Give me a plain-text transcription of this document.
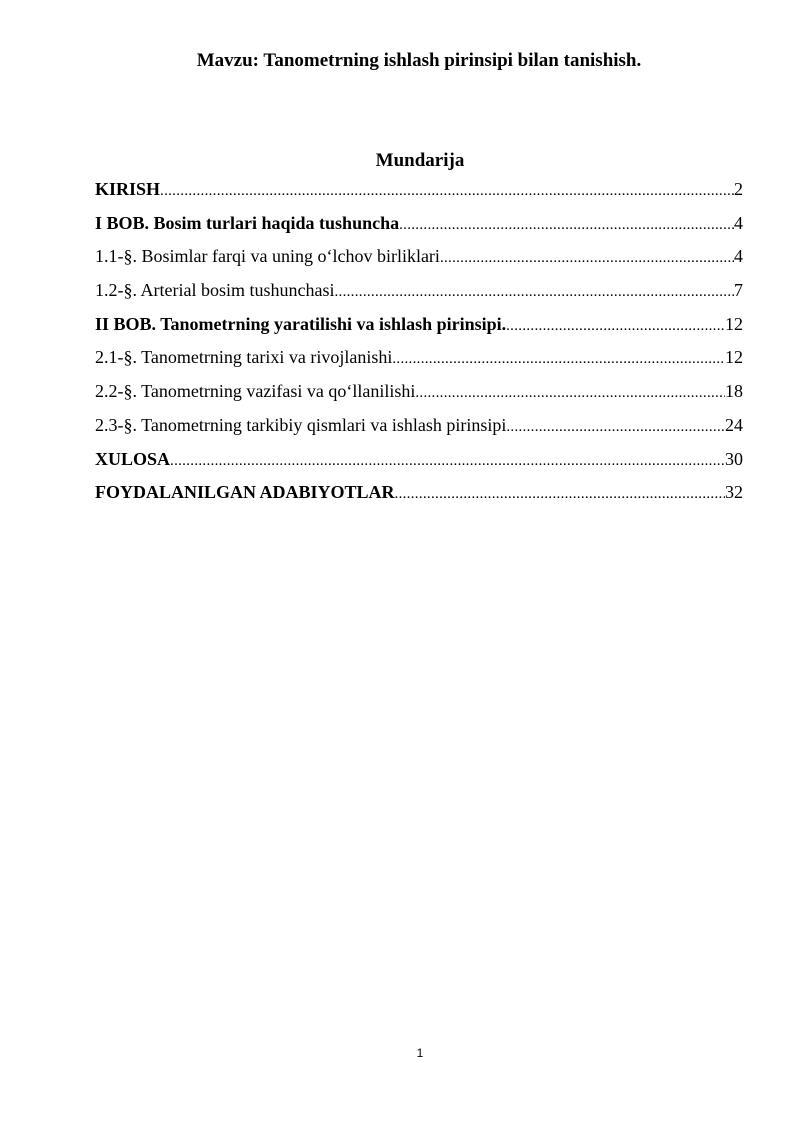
Mavzu: Tanometrning ishlash pirinsipi bilan tanishish.
Mundarija
KIRISH .....	2
I BOB. Bosim turlari haqida tushuncha .....	4
1.1-§. Bosimlar farqi va uning o‘lchov birliklari .....	4
1.2-§. Arterial bosim tushunchasi .....	7
II BOB. Tanometrning yaratilishi va ishlash pirinsipi. .....	12
2.1-§. Tanometrning tarixi va rivojlanishi .....	12
2.2-§. Tanometrning vazifasi va qo‘llanilishi .....	18
2.3-§. Tanometrning tarkibiy qismlari va ishlash pirinsipi .....	24
XULOSA .....	30
FOYDALANILGAN ADABIYOTLAR .....	32
1
